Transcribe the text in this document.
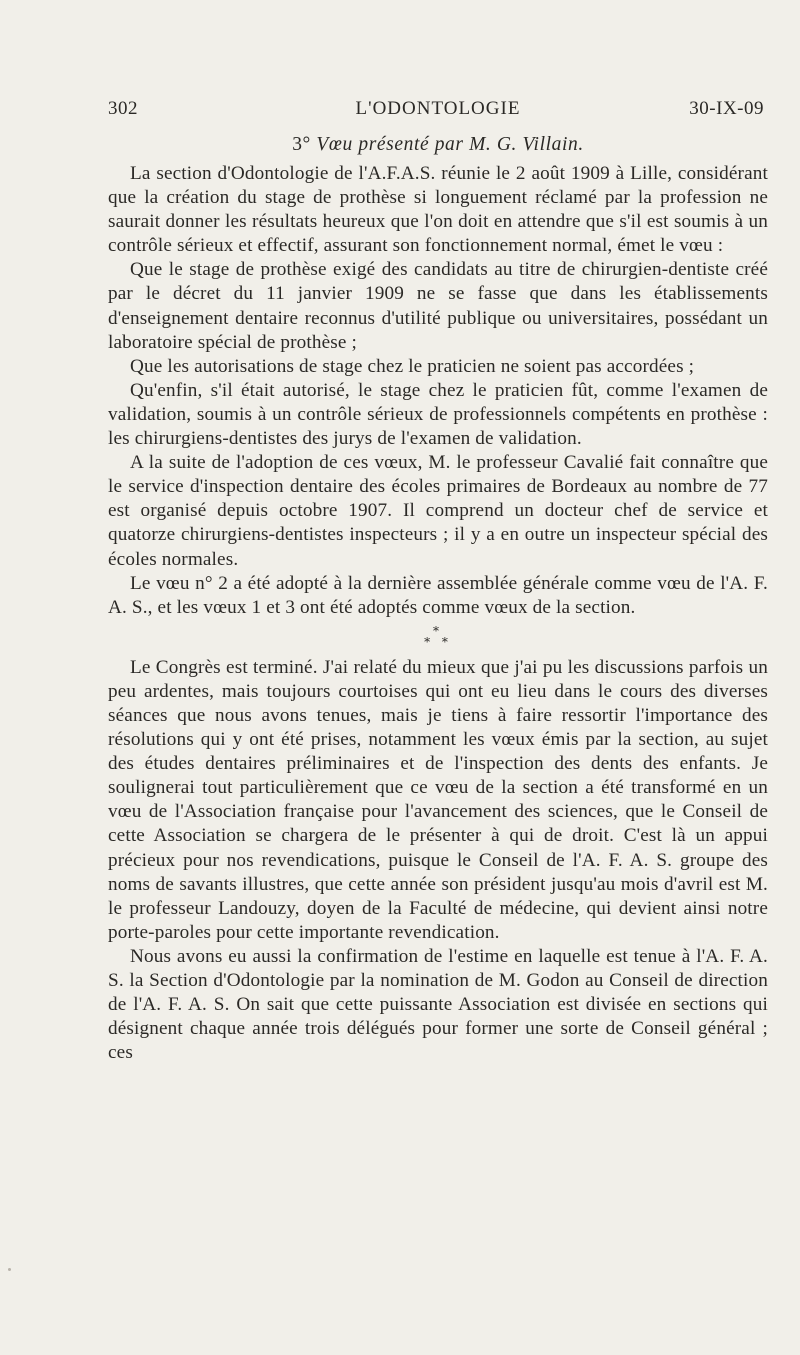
302	L'ODONTOLOGIE	30-IX-09
3° Vœu présenté par M. G. Villain.

La section d'Odontologie de l'A.F.A.S. réunie le 2 août 1909 à Lille, considérant que la création du stage de prothèse si longuement réclamé par la profession ne saurait donner les résultats heureux que l'on doit en attendre que s'il est soumis à un contrôle sérieux et effectif, assurant son fonctionnement normal, émet le vœu :

Que le stage de prothèse exigé des candidats au titre de chirurgien-dentiste créé par le décret du 11 janvier 1909 ne se fasse que dans les établissements d'enseignement dentaire reconnus d'utilité publique ou universitaires, possédant un laboratoire spécial de prothèse ;

Que les autorisations de stage chez le praticien ne soient pas accordées ;

Qu'enfin, s'il était autorisé, le stage chez le praticien fût, comme l'examen de validation, soumis à un contrôle sérieux de professionnels compétents en prothèse : les chirurgiens-dentistes des jurys de l'examen de validation.

A la suite de l'adoption de ces vœux, M. le professeur Cavalié fait connaître que le service d'inspection dentaire des écoles primaires de Bordeaux au nombre de 77 est organisé depuis octobre 1907. Il comprend un docteur chef de service et quatorze chirurgiens-dentistes inspecteurs ; il y a en outre un inspecteur spécial des écoles normales.

Le vœu n° 2 a été adopté à la dernière assemblée générale comme vœu de l'A. F. A. S., et les vœux 1 et 3 ont été adoptés comme vœux de la section.

*
* *

Le Congrès est terminé. J'ai relaté du mieux que j'ai pu les discussions parfois un peu ardentes, mais toujours courtoises qui ont eu lieu dans le cours des diverses séances que nous avons tenues, mais je tiens à faire ressortir l'importance des résolutions qui y ont été prises, notamment les vœux émis par la section, au sujet des études dentaires préliminaires et de l'inspection des dents des enfants. Je soulignerai tout particulièrement que ce vœu de la section a été transformé en un vœu de l'Association française pour l'avancement des sciences, que le Conseil de cette Association se chargera de le présenter à qui de droit. C'est là un appui précieux pour nos revendications, puisque le Conseil de l'A. F. A. S. groupe des noms de savants illustres, que cette année son président jusqu'au mois d'avril est M. le professeur Landouzy, doyen de la Faculté de médecine, qui devient ainsi notre porte-paroles pour cette importante revendication.

Nous avons eu aussi la confirmation de l'estime en laquelle est tenue à l'A. F. A. S. la Section d'Odontologie par la nomination de M. Godon au Conseil de direction de l'A. F. A. S. On sait que cette puissante Association est divisée en sections qui désignent chaque année trois délégués pour former une sorte de Conseil général ; ces
